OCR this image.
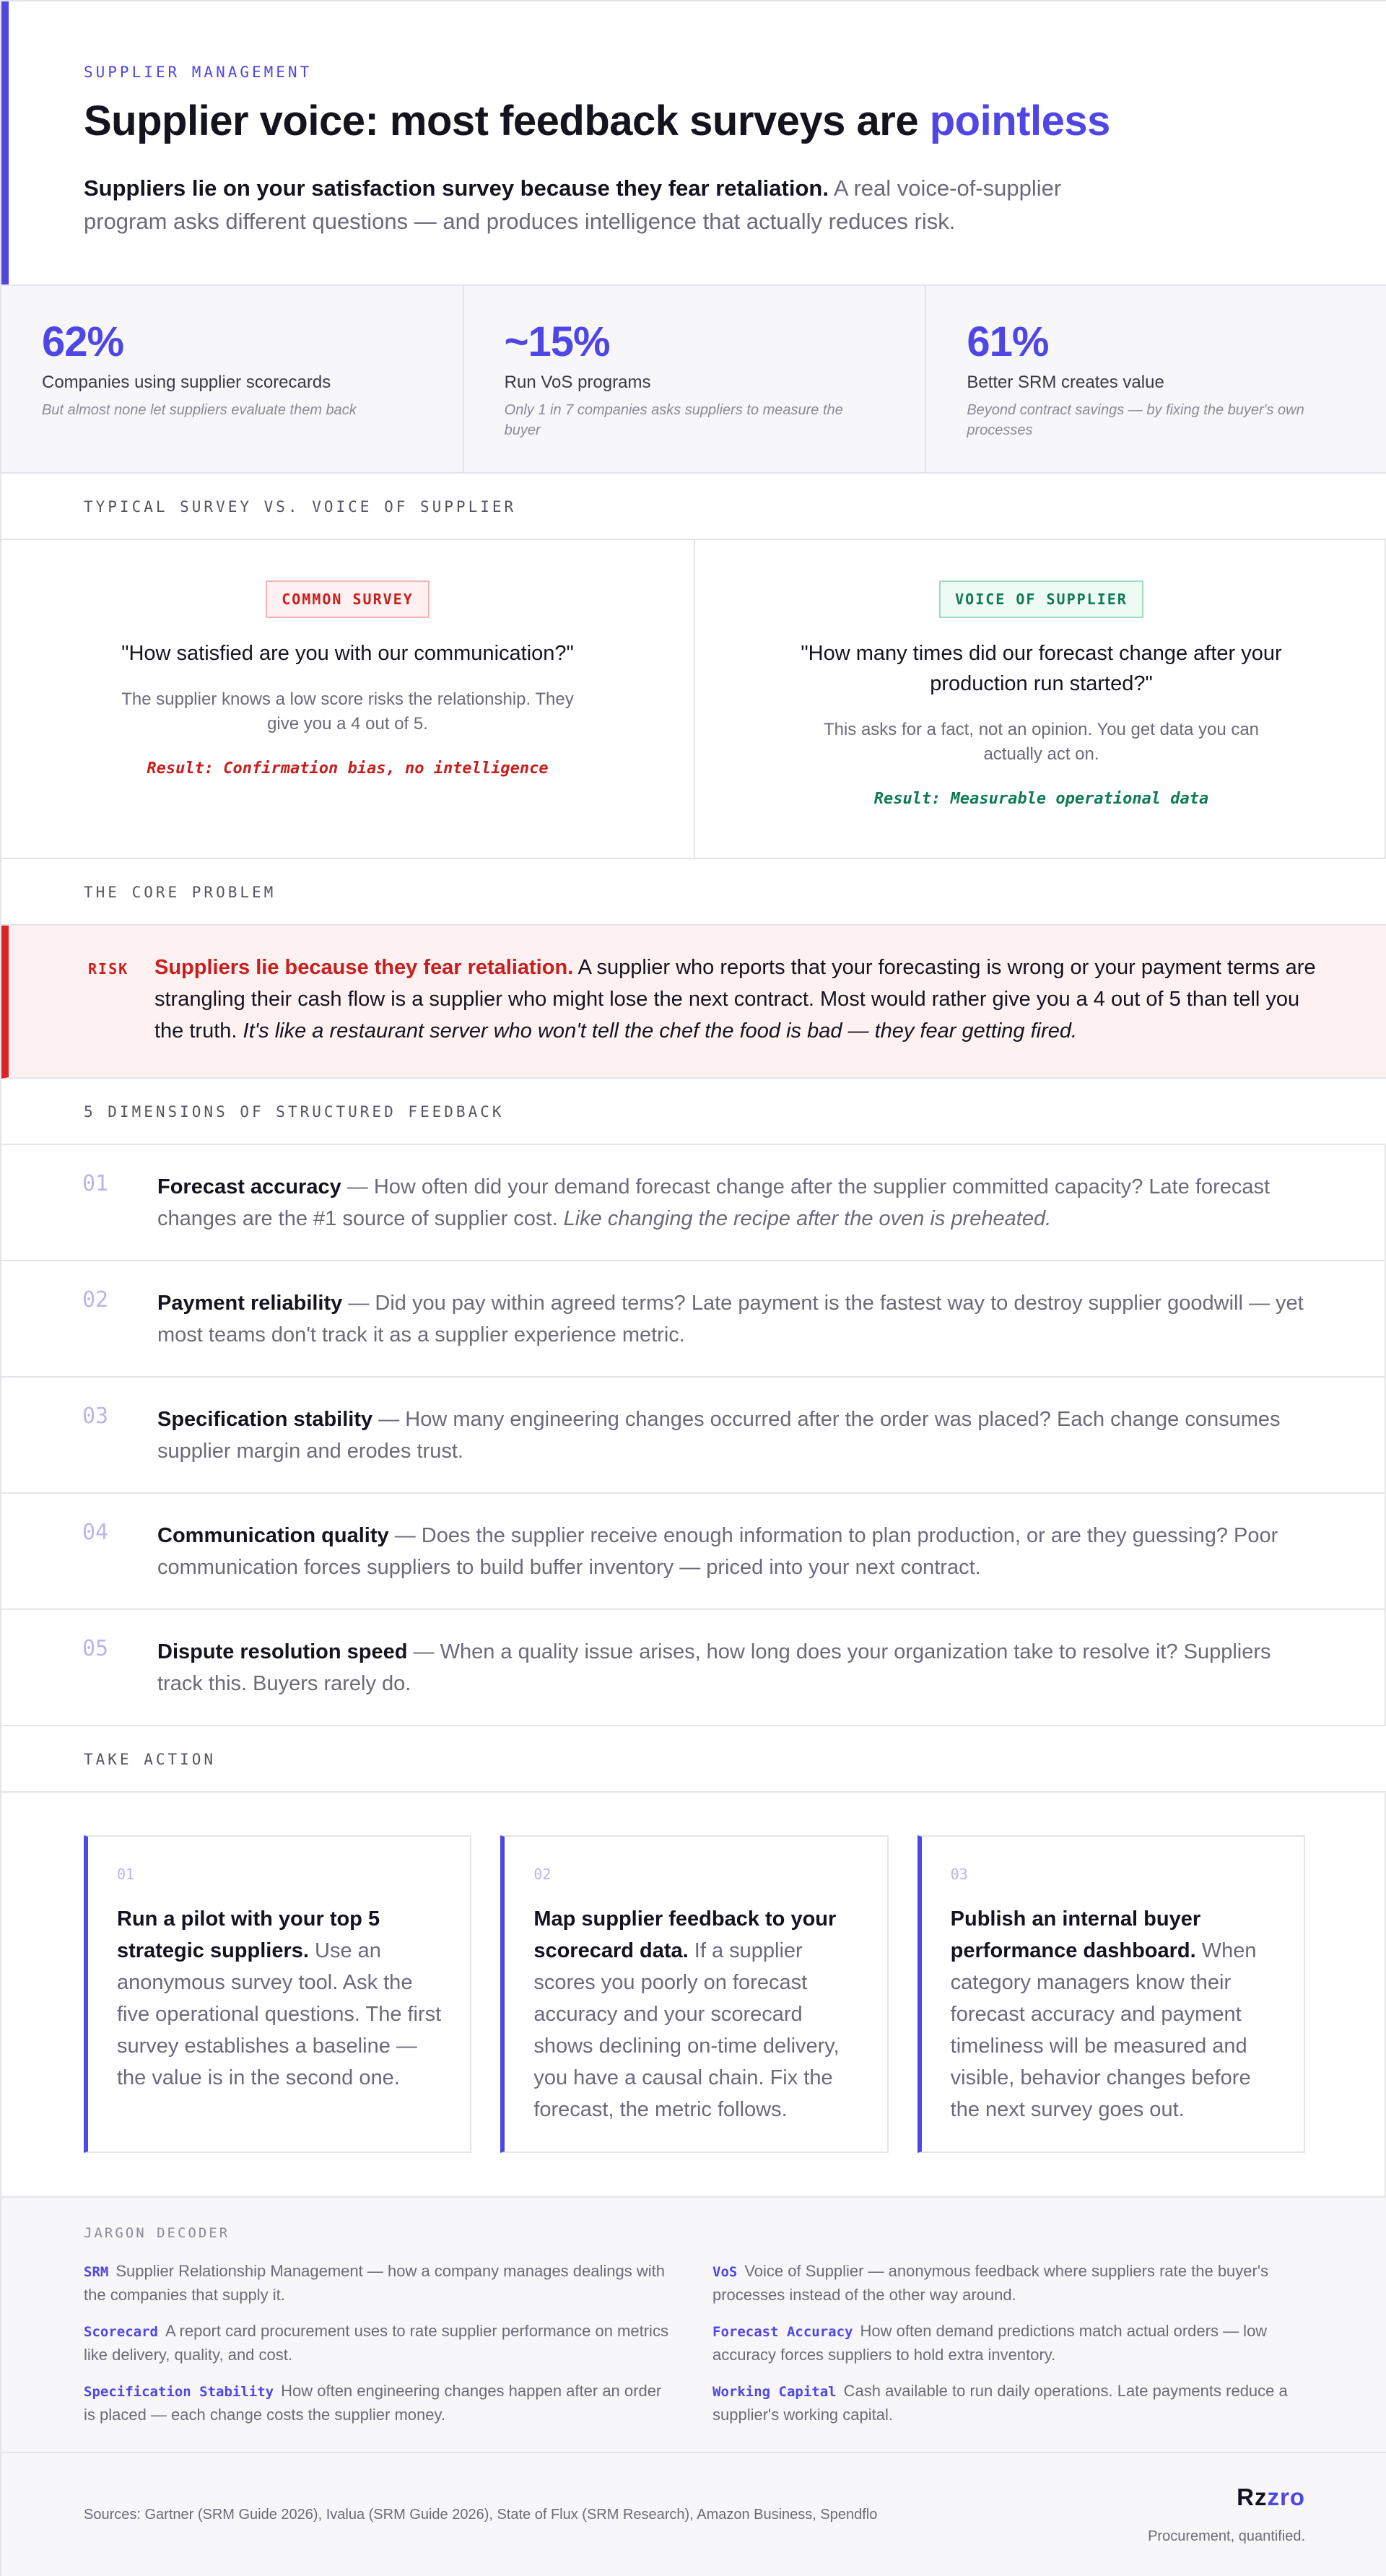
SUPPLIER MANAGEMENT
Supplier voice: most feedback surveys are pointless

Suppliers lie on your satisfaction survey because they fear retaliation. A real voice-of-supplier program asks different questions — and produces intelligence that actually reduces risk.

62%
Companies using supplier scorecards
But almost none let suppliers evaluate them back
~15%
Run VoS programs
Only 1 in 7 companies asks suppliers to measure the buyer
61%
Better SRM creates value
Beyond contract savings — by fixing the buyer's own processes
TYPICAL SURVEY VS. VOICE OF SUPPLIER
COMMON SURVEY

"How satisfied are you with our communication?"

The supplier knows a low score risks the relationship. They give you a 4 out of 5.

Result: Confirmation bias, no intelligence

VOICE OF SUPPLIER

"How many times did our forecast change after your production run started?"

This asks for a fact, not an opinion. You get data you can actually act on.

Result: Measurable operational data

THE CORE PROBLEM
RISK Suppliers lie because they fear retaliation. A supplier who reports that your forecasting is wrong or your payment terms are strangling their cash flow is a supplier who might lose the next contract. Most would rather give you a 4 out of 5 than tell you the truth. It's like a restaurant server who won't tell the chef the food is bad — they fear getting fired.

5 DIMENSIONS OF STRUCTURED FEEDBACK
01 Forecast accuracy — How often did your demand forecast change after the supplier committed capacity? Late forecast changes are the #1 source of supplier cost. Like changing the recipe after the oven is preheated.

02 Payment reliability — Did you pay within agreed terms? Late payment is the fastest way to destroy supplier goodwill — yet most teams don't track it as a supplier experience metric.

03 Specification stability — How many engineering changes occurred after the order was placed? Each change consumes supplier margin and erodes trust.

04 Communication quality — Does the supplier receive enough information to plan production, or are they guessing? Poor communication forces suppliers to build buffer inventory — priced into your next contract.

05 Dispute resolution speed — When a quality issue arises, how long does your organization take to resolve it? Suppliers track this. Buyers rarely do.

TAKE ACTION
01

Run a pilot with your top 5 strategic suppliers. Use an anonymous survey tool. Ask the five operational questions. The first survey establishes a baseline — the value is in the second one.

02

Map supplier feedback to your scorecard data. If a supplier scores you poorly on forecast accuracy and your scorecard shows declining on-time delivery, you have a causal chain. Fix the forecast, the metric follows.

03

Publish an internal buyer performance dashboard. When category managers know their forecast accuracy and payment timeliness will be measured and visible, behavior changes before the next survey goes out.

JARGON DECODER

SRM Supplier Relationship Management — how a company manages dealings with the companies that supply it.

VoS Voice of Supplier — anonymous feedback where suppliers rate the buyer's processes instead of the other way around.

Scorecard A report card procurement uses to rate supplier performance on metrics like delivery, quality, and cost.

Forecast Accuracy How often demand predictions match actual orders — low accuracy forces suppliers to hold extra inventory.

Specification Stability How often engineering changes happen after an order is placed — each change costs the supplier money.

Working Capital Cash available to run daily operations. Late payments reduce a supplier's working capital.

Sources: Gartner (SRM Guide 2026), Ivalua (SRM Guide 2026), State of Flux (SRM Research), Amazon Business, Spendflo
Rzzro
Procurement, quantified.
